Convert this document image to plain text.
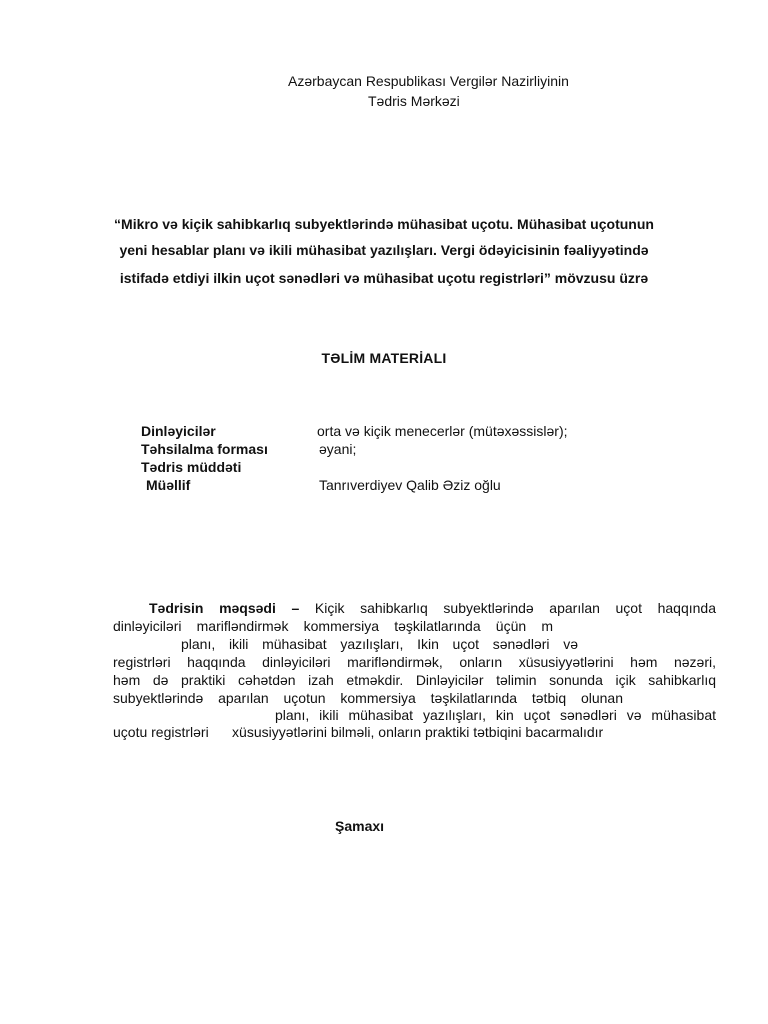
Azərbaycan Respublikası Vergilər Nazirliyinin
Tədris Mərkəzi
“Mikro və kiçik sahibkarlıq subyektlərində mühasibat uçotu. Mühasibat uçotunun
yeni hesablar planı və ikili mühasibat yazılışları. Vergi ödəyicisinin fəaliyyətində
istifadə etdiyi ilkin uçot sənədləri və mühasibat uçotu registrləri” mövzusu üzrə
TƏLİM MATERİALI
Dinləyicilər	orta və kiçik menecerlər (mütəxəssislər);
Təhsilalma forması	əyani;
Tədris müddəti
Müəllif	Tanrıverdiyev Qalib Əziz oğlu
Tədrisin məqsədi – Kiçik sahibkarlıq subyektlərində aparılan uçot haqqında
dinləyiciləri marifləndirmək kommersiya təşkilatlarında üçün m
planı, ikili mühasibat yazılışları, Ikin uçot sənədləri və
registrləri haqqında dinləyiciləri mariflәndirmək, onların xüsusiyyətlərini həm nəzəri,
həm də praktiki cəhətdən izah etməkdir. Dinləyicilər təlimin sonunda içik sahibkarlıq
subyektlərində aparılan uçotun kommersiya təşkilatlarında tətbiq olunan
planı, ikili mühasibat yazılışları, kin uçot sənədləri və mühasibat
uçotu registrləri      xüsusiyyətlərini bilməli, onların praktiki tətbiqini bacarmalıdır
Şamaxı
